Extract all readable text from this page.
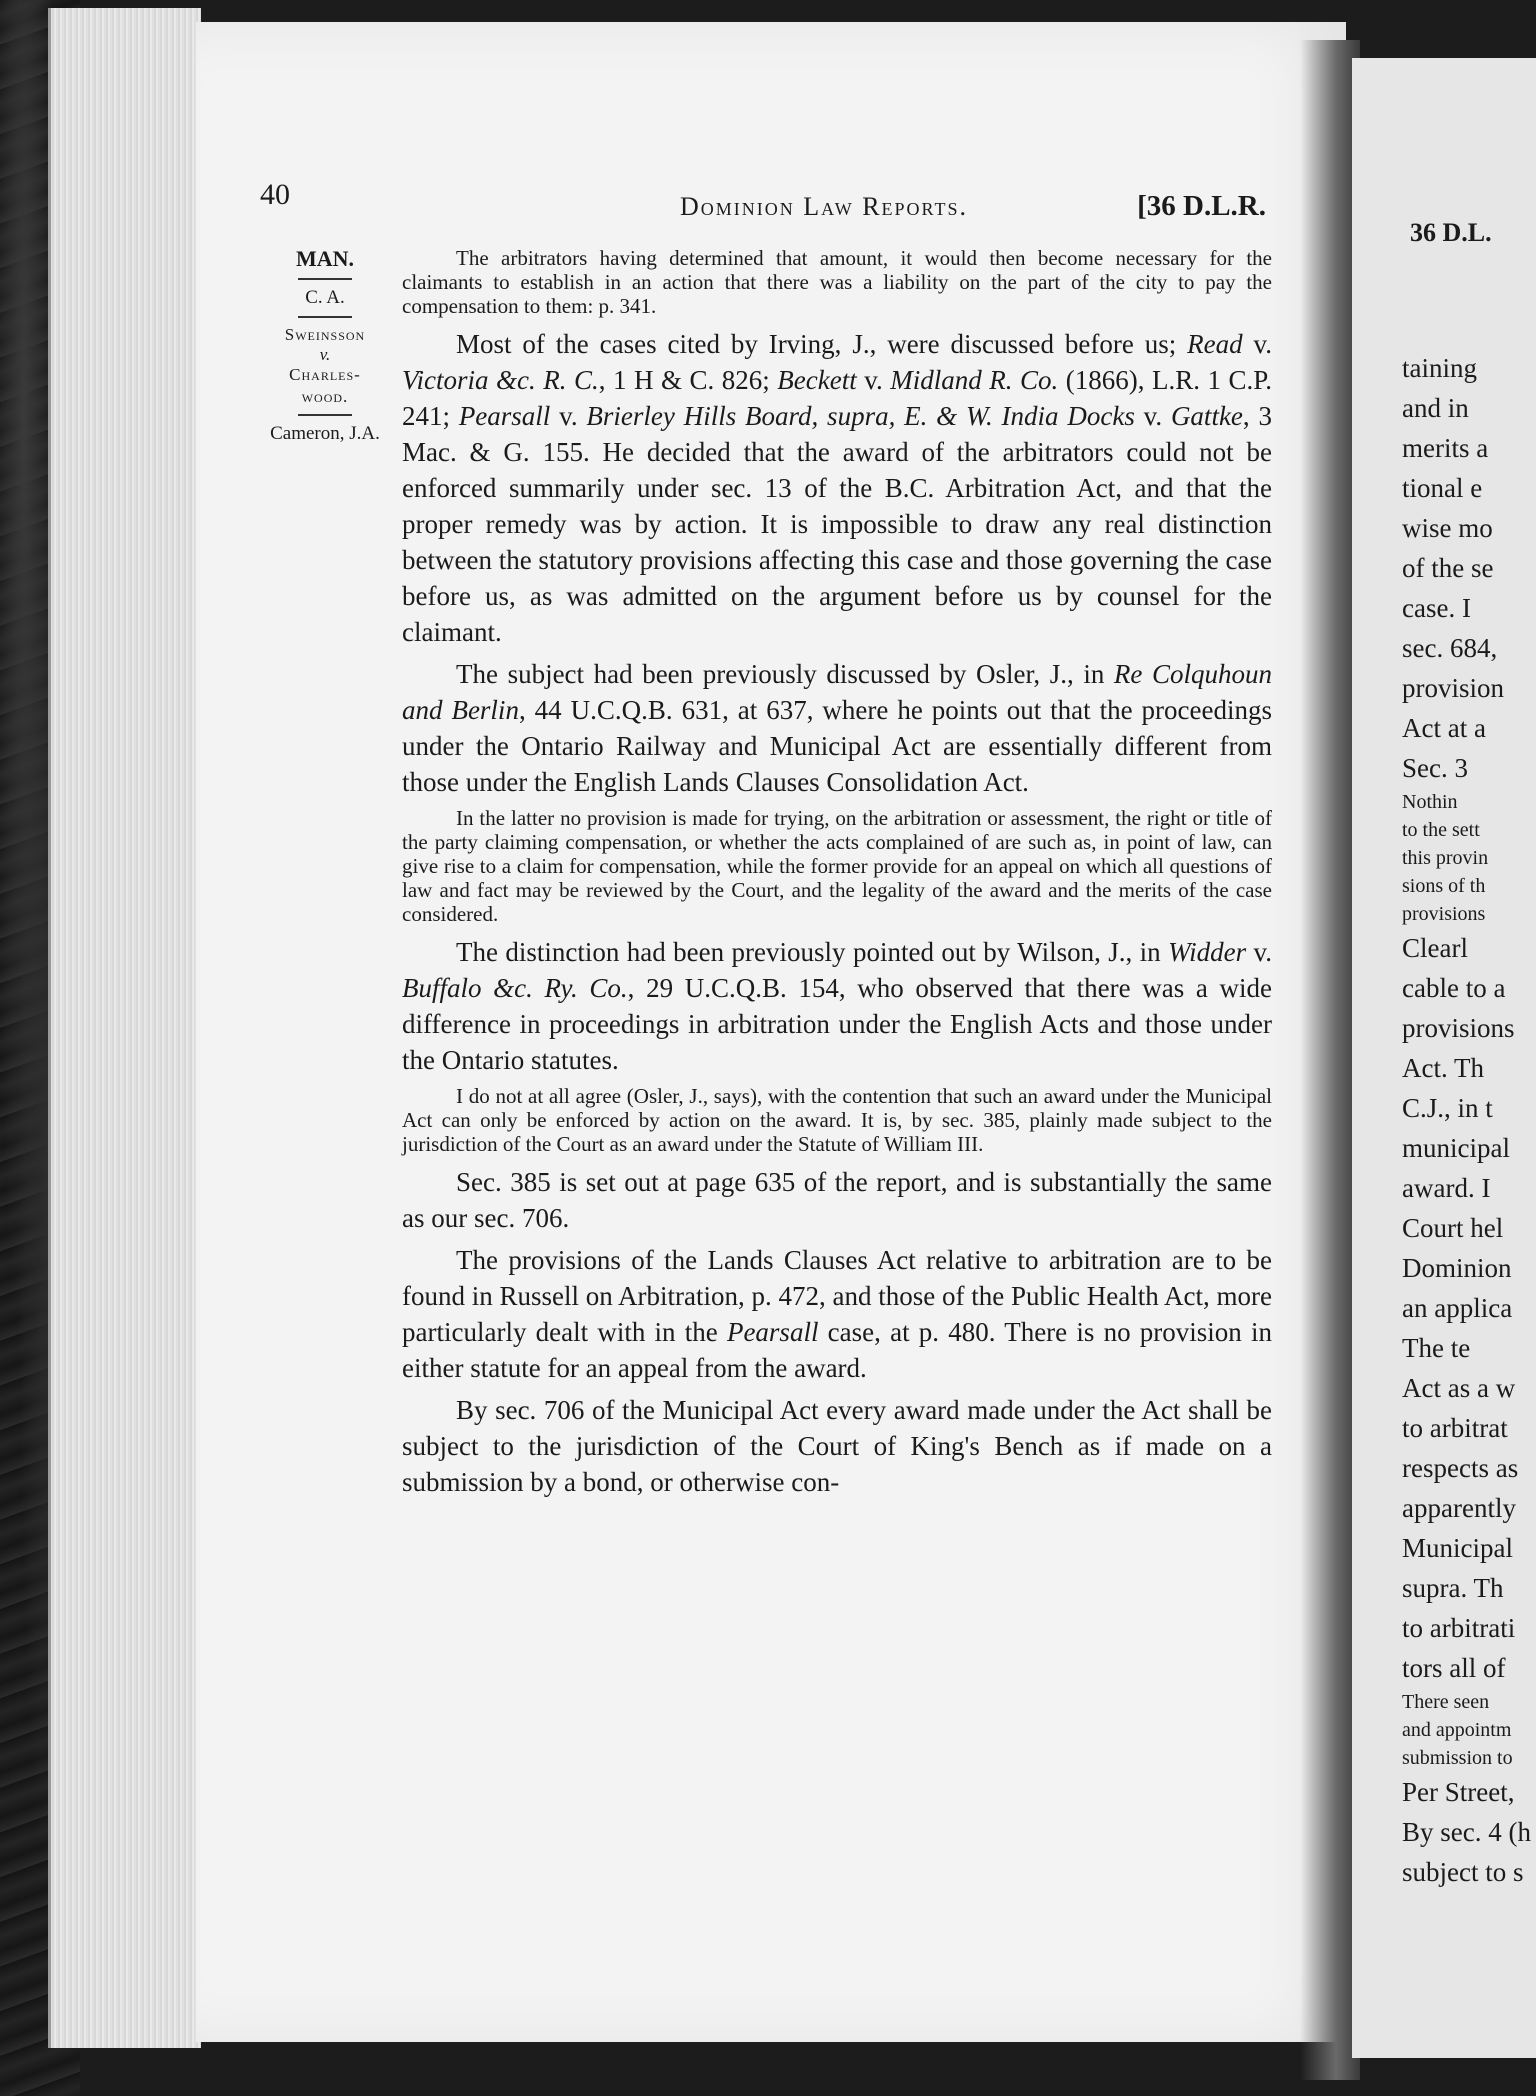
40	Dominion Law Reports.	[36 D.L.R.
MAN.
C. A.
Sweinsson
v.
Charles-
wood.
Cameron, J.A.

The arbitrators having determined that amount, it would then become necessary for the claimants to establish in an action that there was a liability on the part of the city to pay the compensation to them: p. 341.

Most of the cases cited by Irving, J., were discussed before us; Read v. Victoria &c. R. C., 1 H & C. 826; Beckett v. Midland R. Co. (1866), L.R. 1 C.P. 241; Pearsall v. Brierley Hills Board, supra, E. & W. India Docks v. Gattke, 3 Mac. & G. 155. He decided that the award of the arbitrators could not be enforced summarily under sec. 13 of the B.C. Arbitration Act, and that the proper remedy was by action. It is impossible to draw any real distinction between the statutory provisions affecting this case and those governing the case before us, as was admitted on the argument before us by counsel for the claimant.

The subject had been previously discussed by Osler, J., in Re Colquhoun and Berlin, 44 U.C.Q.B. 631, at 637, where he points out that the proceedings under the Ontario Railway and Municipal Act are essentially different from those under the English Lands Clauses Consolidation Act.

In the latter no provision is made for trying, on the arbitration or assessment, the right or title of the party claiming compensation, or whether the acts complained of are such as, in point of law, can give rise to a claim for compensation, while the former provide for an appeal on which all questions of law and fact may be reviewed by the Court, and the legality of the award and the merits of the case considered.

The distinction had been previously pointed out by Wilson, J., in Widder v. Buffalo &c. Ry. Co., 29 U.C.Q.B. 154, who observed that there was a wide difference in proceedings in arbitration under the English Acts and those under the Ontario statutes.

I do not at all agree (Osler, J., says), with the contention that such an award under the Municipal Act can only be enforced by action on the award. It is, by sec. 385, plainly made subject to the jurisdiction of the Court as an award under the Statute of William III.

Sec. 385 is set out at page 635 of the report, and is substantially the same as our sec. 706.

The provisions of the Lands Clauses Act relative to arbitration are to be found in Russell on Arbitration, p. 472, and those of the Public Health Act, more particularly dealt with in the Pearsall case, at p. 480. There is no provision in either statute for an appeal from the award.

By sec. 706 of the Municipal Act every award made under the Act shall be subject to the jurisdiction of the Court of King's Bench as if made on a submission by a bond, or otherwise con-

36 D.L.
taining
and in
merits a
tional e
wise mo
of the se
case. I
sec. 684,
provision
Act at a
Sec. 3
Nothin
to the sett
this provin
sions of th
provisions
Clearl
cable to a
provisions
Act. Th
C.J., in t
municipal
award. I
Court hel
Dominion
an applica
The te
Act as a w
to arbitrat
respects as
apparently
Municipal
supra. Th
to arbitrati
tors all of
There seen
and appointm
submission to
Per Street,
By sec. 4 (h
subject to s
